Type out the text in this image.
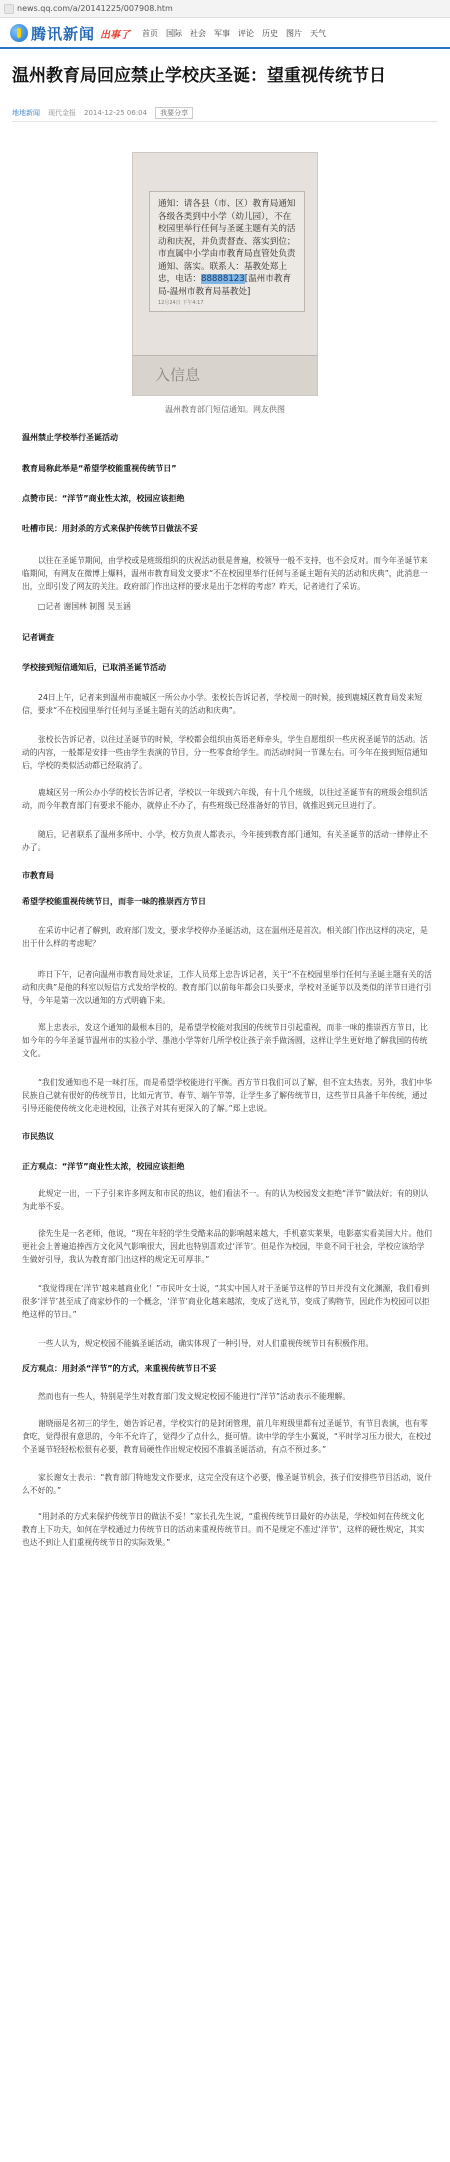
news.qq.com/a/20141225/007908.htm
腾讯新闻 出事了 首页 国际 社会 军事 评论 历史 图片 天气
温州教育局回应禁止学校庆圣诞：望重视传统节日
地地新闻 现代金报 2014-12-25 06:04	我要分享
通知：请各县（市、区）教育局通知各级各类到中小学（幼儿园），不在校园里举行任何与圣诞主题有关的活动和庆祝，并负责督查、落实到位；市直属中小学由市教育局直管处负责通知、落实。联系人：基教处郑上忠，电话：88888123[温州市教育局-温州市教育局基教处]
12月24日 下午4:17
入信息
温州教育部门短信通知。网友供图

温州禁止学校举行圣诞活动

教育局称此举是“希望学校能重视传统节日”

点赞市民：“洋节”商业性太浓，校园应该拒绝

吐槽市民：用封杀的方式来保护传统节日做法不妥

以往在圣诞节期间，由学校或是班级组织的庆祝活动很是普遍，校领导一般不支持，也不会反对。而今年圣诞节来临期间，有网友在微博上爆料，温州市教育局发文要求“不在校园里举行任何与圣诞主题有关的活动和庆典”，此消息一出，立即引发了网友的关注。政府部门作出这样的要求是出于怎样的考虑？昨天，记者进行了采访。

□记者 谢国林 制图 吴玉涵

记者调查

学校接到短信通知后，已取消圣诞节活动

24日上午，记者来到温州市鹿城区一所公办小学。张校长告诉记者，学校周一的时候，接到鹿城区教育局发来短信，要求“不在校园里举行任何与圣诞主题有关的活动和庆典”。

张校长告诉记者，以往过圣诞节的时候，学校都会组织由英语老师牵头，学生自愿组织一些庆祝圣诞节的活动。活动的内容，一般都是安排一些由学生表演的节目，分一些零食给学生。而活动时间一节课左右。可今年在接到短信通知后，学校的类似活动都已经取消了。

鹿城区另一所公办小学的校长告诉记者，学校以一年级到六年级，有十几个班级，以往过圣诞节有的班级会组织活动，而今年教育部门有要求不能办，就停止不办了，有些班级已经准备好的节目，就推迟到元旦进行了。

随后，记者联系了温州多所中、小学，校方负责人都表示，今年接到教育部门通知，有关圣诞节的活动一律停止不办了。

市教育局

希望学校能重视传统节日，而非一味的推崇西方节日

在采访中记者了解到，政府部门发文，要求学校停办圣诞活动，这在温州还是首次。相关部门作出这样的决定，是出于什么样的考虑呢？

昨日下午，记者向温州市教育局处求证，工作人员郑上忠告诉记者，关于“不在校园里举行任何与圣诞主题有关的活动和庆典”是他的科室以短信方式发给学校的。教育部门以前每年都会口头要求，学校对圣诞节以及类似的洋节日进行引导，今年是第一次以通知的方式明确下来。

郑上忠表示，发这个通知的最根本目的，是希望学校能对我国的传统节日引起重视，而非一味的推崇西方节日，比如今年的今年圣诞节温州市的实验小学、墨池小学等好几所学校让孩子亲手做汤圆，这样让学生更好地了解我国的传统文化。

“我们发通知也不是一味打压，而是希望学校能进行平衡。西方节日我们可以了解，但不宜太热衷。另外，我们中华民族自己就有很好的传统节日，比如元宵节、春节、端午节等，让学生多了解传统节日，这些节日具备千年传统，通过引导还能使传统文化走进校园，让孩子对其有更深入的了解。”郑上忠说。

市民热议

正方观点：“洋节”商业性太浓，校园应该拒绝

此规定一出，一下子引来许多网友和市民的热议，他们看法不一。有的认为校园发文拒绝“洋节”做法好；有的则认为此举不妥。

徐先生是一名老师，他说，“现在年轻的学生受酷来品的影响越来越大，手机嘉实莱果，电影嘉实看美国大片。他们更社会上普遍追捧西方文化风气影响很大，因此也特别喜欢过‘洋节’。但是作为校园，毕竟不同于社会，学校应该给学生做好引导，我认为教育部门出这样的规定无可厚非。”

“我觉得现在‘洋节’越来越商业化！”市民叶女士说，“其实中国人对于圣诞节这样的节日并没有文化渊源，我们看到很多‘洋节’甚至成了商家炒作的一个概念，‘洋节’商业化越来越浓，变成了送礼节，变成了购物节，因此作为校园可以拒绝这样的节日。”

一些人认为，规定校园不能搞圣诞活动，确实体现了一种引导，对人们重视传统节日有积极作用。

反方观点：用封杀“洋节”的方式，来重视传统节日不妥

然而也有一些人，特别是学生对教育部门发文规定校园不能进行“洋节”活动表示不能理解。

谢晓丽是名初三的学生，她告诉记者，学校实行的是封闭管理，前几年班级里都有过圣诞节，有节目表演，也有零食吃，觉得很有意思的，今年不允许了，觉得少了点什么，挺可惜。读中学的学生小翼说，“平时学习压力很大，在校过个圣诞节轻轻松松很有必要，教育局硬性作出规定校园不准搞圣诞活动，有点不预过多。”

家长谢女士表示：“教育部门特地发文作要求，这完全没有这个必要，像圣诞节机会，孩子们安排些节目活动，说什么不好的。”

“用封杀的方式来保护传统节日的做法不妥！”家长孔先生说，“重视传统节日最好的办法是，学校如何在传统文化教育上下功夫，如何在学校通过力传统节日的活动来重视传统节日。而不是规定不准过‘洋节’，这样的硬性规定，其实也达不到让人们重视传统节日的实际效果。”
